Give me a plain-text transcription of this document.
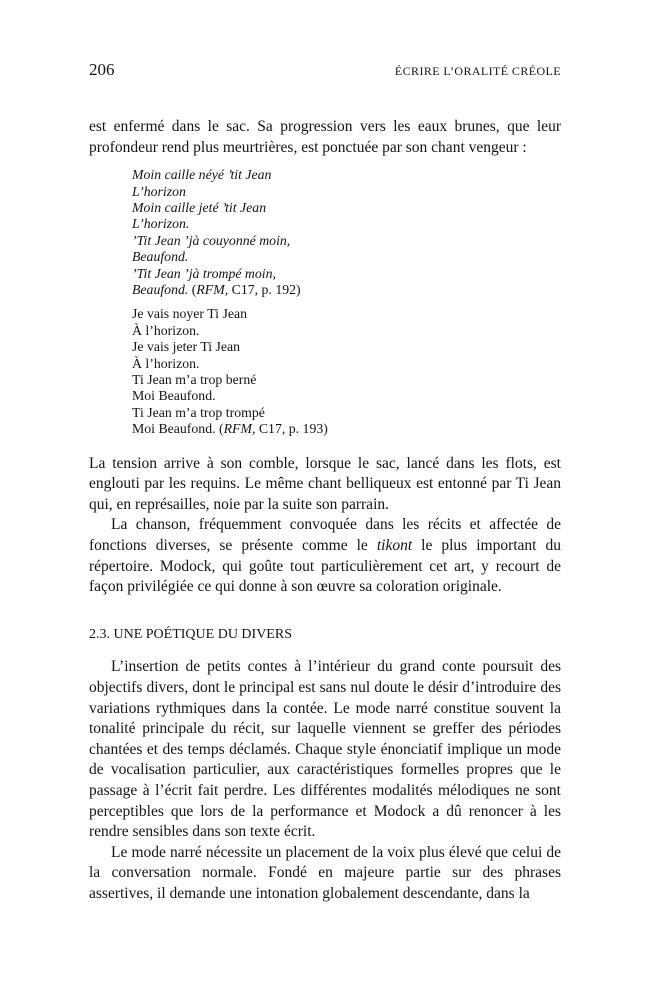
206	ÉCRIRE L’ORALITÉ CRÉOLE

est enfermé dans le sac. Sa progression vers les eaux brunes, que leur profondeur rend plus meurtrières, est ponctuée par son chant vengeur :

Moin caille néyé ’tit Jean
L’horizon
Moin caille jeté ’tit Jean
L’horizon.
’Tit Jean ’jà couyonné moin,
Beaufond.
’Tit Jean ’jà trompé moin,
Beaufond. (RFM, C17, p. 192)
Je vais noyer Ti Jean
À l’horizon.
Je vais jeter Ti Jean
À l’horizon.
Ti Jean m’a trop berné
Moi Beaufond.
Ti Jean m’a trop trompé
Moi Beaufond. (RFM, C17, p. 193)

La tension arrive à son comble, lorsque le sac, lancé dans les flots, est englouti par les requins. Le même chant belliqueux est entonné par Ti Jean qui, en représailles, noie par la suite son parrain.

La chanson, fréquemment convoquée dans les récits et affectée de fonctions diverses, se présente comme le tikont le plus important du répertoire. Modock, qui goûte tout particulièrement cet art, y recourt de façon privilégiée ce qui donne à son œuvre sa coloration originale.

2.3. UNE POÉTIQUE DU DIVERS

L’insertion de petits contes à l’intérieur du grand conte poursuit des objectifs divers, dont le principal est sans nul doute le désir d’introduire des variations rythmiques dans la contée. Le mode narré constitue souvent la tonalité principale du récit, sur laquelle viennent se greffer des périodes chantées et des temps déclamés. Chaque style énonciatif implique un mode de vocalisation particulier, aux caractéristiques formelles propres que le passage à l’écrit fait perdre. Les différentes modalités mélodiques ne sont perceptibles que lors de la performance et Modock a dû renoncer à les rendre sensibles dans son texte écrit.

Le mode narré nécessite un placement de la voix plus élevé que celui de la conversation normale. Fondé en majeure partie sur des phrases assertives, il demande une intonation globalement descendante, dans la
